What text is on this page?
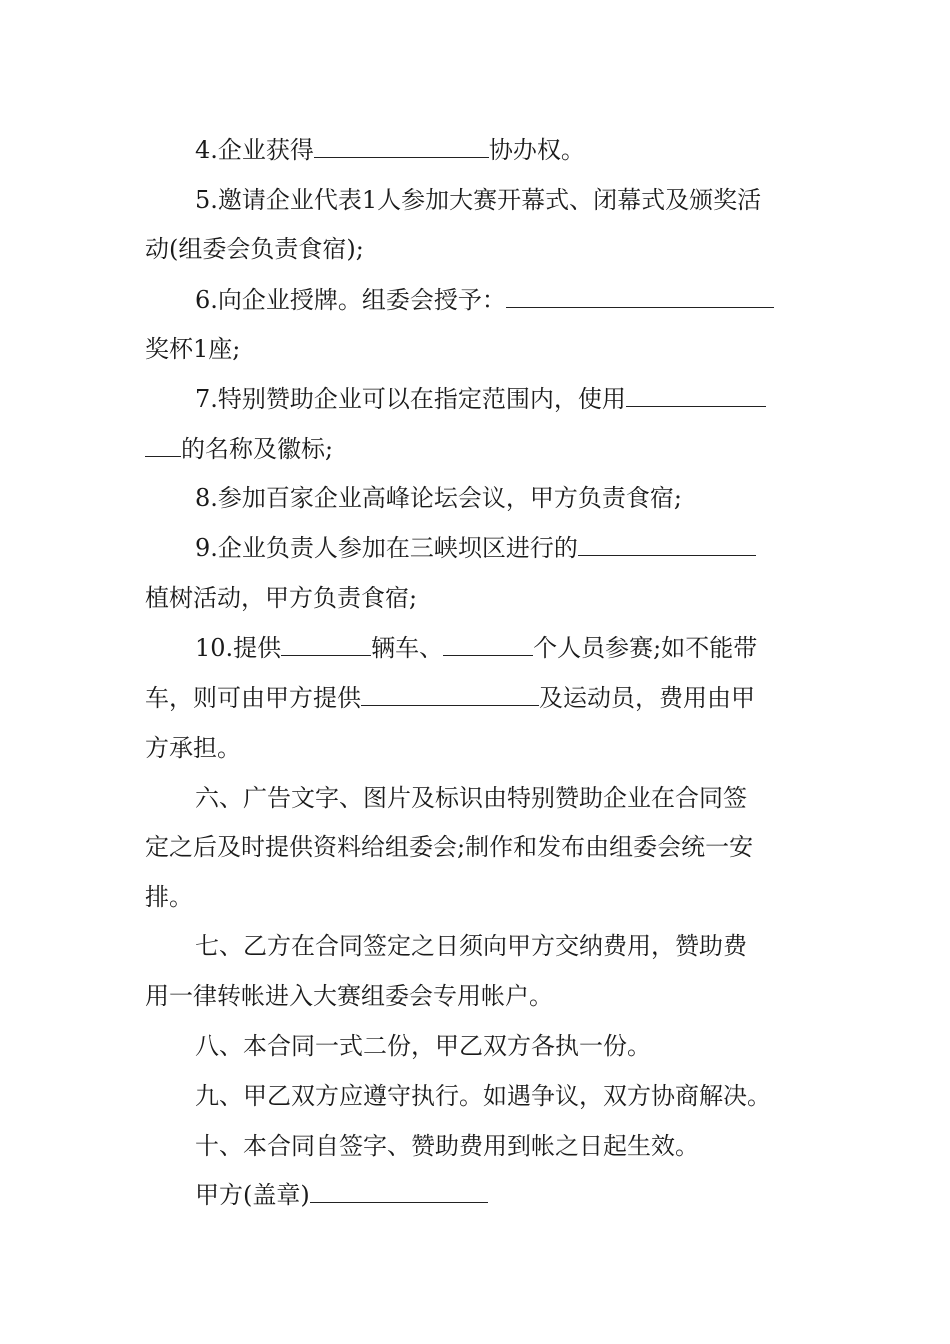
4.企业获得	协办权。
5.邀请企业代表1人参加大赛开幕式、闭幕式及颁奖活
动(组委会负责食宿);
6.向企业授牌。组委会授予：
奖杯1座;
7.特别赞助企业可以在指定范围内，使用
的名称及徽标;
8.参加百家企业高峰论坛会议，甲方负责食宿;
9.企业负责人参加在三峡坝区进行的
植树活动，甲方负责食宿;
10.提供	辆车、	个人员参赛;如不能带
车，则可由甲方提供	及运动员，费用由甲
方承担。
六、广告文字、图片及标识由特别赞助企业在合同签
定之后及时提供资料给组委会;制作和发布由组委会统一安
排。
七、乙方在合同签定之日须向甲方交纳费用，赞助费
用一律转帐进入大赛组委会专用帐户。
八、本合同一式二份，甲乙双方各执一份。
九、甲乙双方应遵守执行。如遇争议，双方协商解决。
十、本合同自签字、赞助费用到帐之日起生效。
甲方(盖章)
